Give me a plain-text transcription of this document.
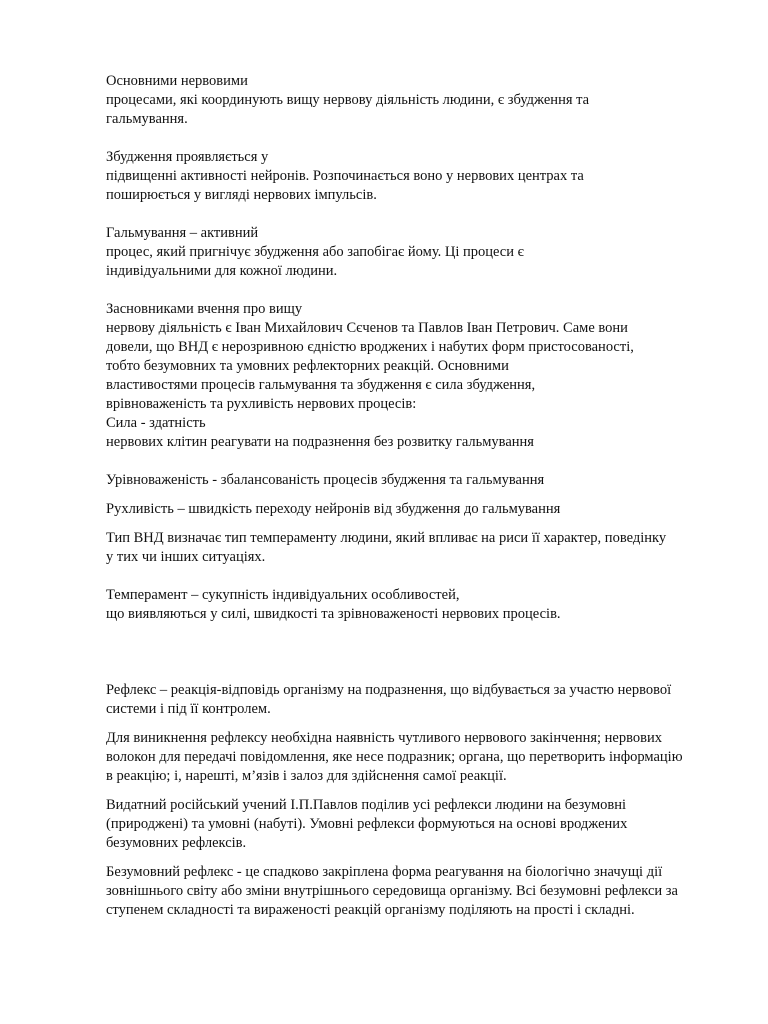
Основними нервовими
процесами, які координують вищу нервову діяльність людини, є збудження та
гальмування.

Збудження проявляється у
підвищенні активності нейронів. Розпочинається воно у нервових центрах та
поширюється у вигляді нервових імпульсів.

Гальмування – активний
процес, який пригнічує збудження або запобігає йому. Ці процеси є
індивідуальними для кожної людини.

Засновниками вчення про вищу
нервову діяльність є Іван Михайлович Сєченов та Павлов Іван Петрович. Саме вони
довели, що ВНД є нерозривною єдністю вроджених і набутих форм пристосованості,
тобто безумовних та умовних рефлекторних реакцій. Основними
властивостями процесів гальмування та збудження є сила збудження,
врівноваженість та рухливість нервових процесів:
Сила - здатність
нервових клітин реагувати на подразнення без розвитку гальмування

Урівноваженість - збалансованість процесів збудження та гальмування

Рухливість – швидкість переходу нейронів від збудження до гальмування

Тип ВНД визначає тип темпераменту людини, який впливає на риси її характер, поведінку
у тих чи інших ситуаціях.

Темперамент – сукупність індивідуальних особливостей,
що виявляються у силі, швидкості та зрівноваженості нервових процесів.

Рефлекс – реакція-відповідь організму на подразнення, що відбувається за участю нервової
системи і під її контролем.

Для виникнення рефлексу необхідна наявність чутливого нервового закінчення; нервових
волокон для передачі повідомлення, яке несе подразник; органа, що перетворить інформацію
в реакцію; і, нарешті, м’язів і залоз для здійснення самої реакції.

Видатний російський учений І.П.Павлов поділив усі рефлекси людини на безумовні
(природжені) та умовні (набуті). Умовні рефлекси формуються на основі вроджених
безумовних рефлексів.

Безумовний рефлекс - це спадково закріплена форма реагування на біологічно значущі дії
зовнішнього світу або зміни внутрішнього середовища організму. Всі безумовні рефлекси за
ступенем складності та вираженості реакцій організму поділяють на прості і складні.
